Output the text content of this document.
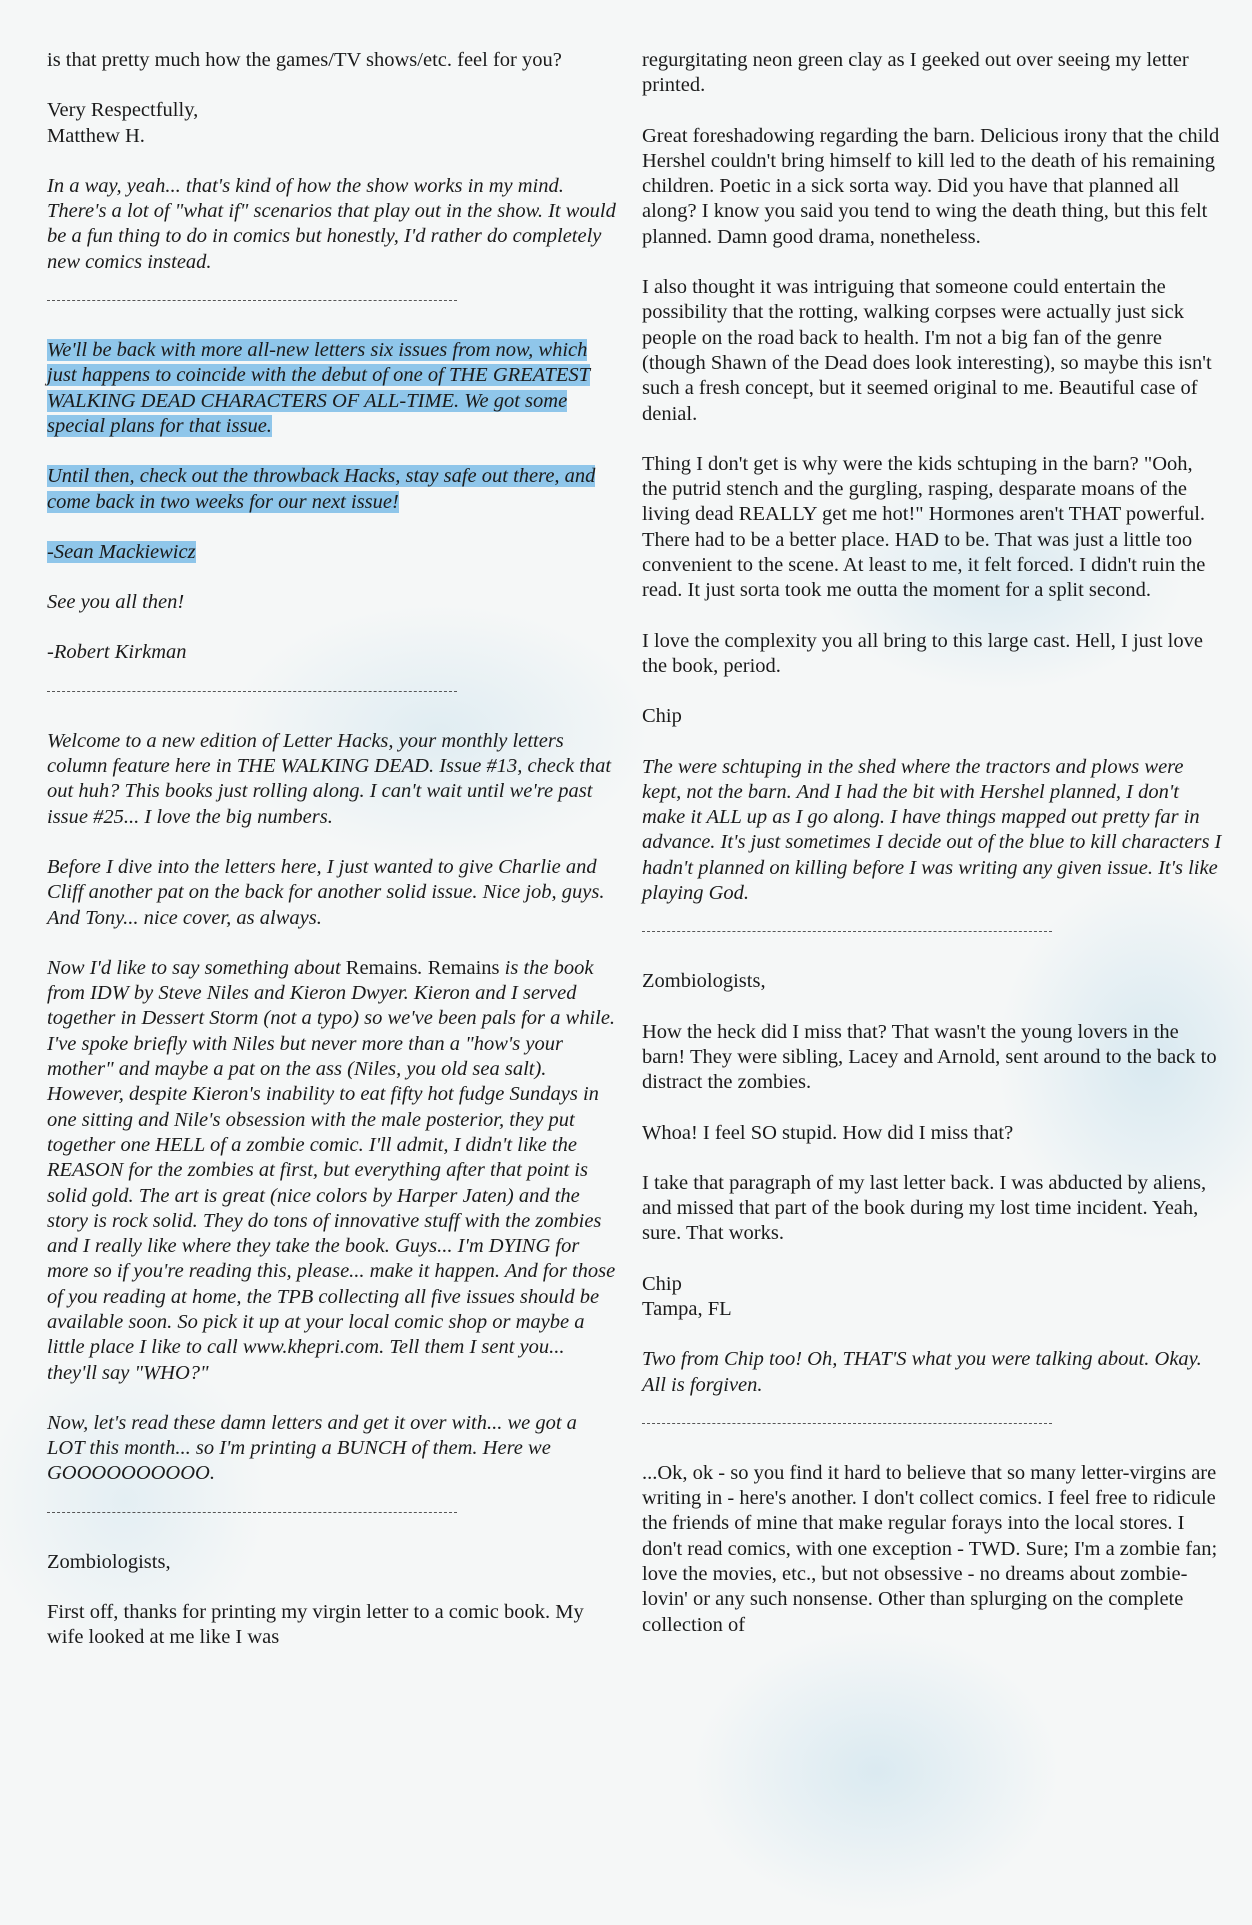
is that pretty much how the games/TV shows/etc. feel for you?

Very Respectfully,
Matthew H.

In a way, yeah... that's kind of how the show works in my mind. There's a lot of "what if" scenarios that play out in the show. It would be a fun thing to do in comics but honestly, I'd rather do completely new comics instead.

We'll be back with more all-new letters six issues from now, which just happens to coincide with the debut of one of THE GREATEST WALKING DEAD CHARACTERS OF ALL-TIME. We got some special plans for that issue.

Until then, check out the throwback Hacks, stay safe out there, and come back in two weeks for our next issue!

-Sean Mackiewicz

See you all then!

-Robert Kirkman

Welcome to a new edition of Letter Hacks, your monthly letters column feature here in THE WALKING DEAD. Issue #13, check that out huh? This books just rolling along. I can't wait until we're past issue #25... I love the big numbers.

Before I dive into the letters here, I just wanted to give Charlie and Cliff another pat on the back for another solid issue. Nice job, guys. And Tony... nice cover, as always.

Now I'd like to say something about Remains. Remains is the book from IDW by Steve Niles and Kieron Dwyer. Kieron and I served together in Dessert Storm (not a typo) so we've been pals for a while. I've spoke briefly with Niles but never more than a "how's your mother" and maybe a pat on the ass (Niles, you old sea salt). However, despite Kieron's inability to eat fifty hot fudge Sundays in one sitting and Nile's obsession with the male posterior, they put together one HELL of a zombie comic. I'll admit, I didn't like the REASON for the zombies at first, but everything after that point is solid gold. The art is great (nice colors by Harper Jaten) and the story is rock solid. They do tons of innovative stuff with the zombies and I really like where they take the book. Guys... I'm DYING for more so if you're reading this, please... make it happen. And for those of you reading at home, the TPB collecting all five issues should be available soon. So pick it up at your local comic shop or maybe a little place I like to call www.khepri.com. Tell them I sent you... they'll say "WHO?"

Now, let's read these damn letters and get it over with... we got a LOT this month... so I'm printing a BUNCH of them. Here we GOOOOOOOOOO.

Zombiologists,

First off, thanks for printing my virgin letter to a comic book. My wife looked at me like I was

regurgitating neon green clay as I geeked out over seeing my letter printed.

Great foreshadowing regarding the barn. Delicious irony that the child Hershel couldn't bring himself to kill led to the death of his remaining children. Poetic in a sick sorta way. Did you have that planned all along? I know you said you tend to wing the death thing, but this felt planned. Damn good drama, nonetheless.

I also thought it was intriguing that someone could entertain the possibility that the rotting, walking corpses were actually just sick people on the road back to health. I'm not a big fan of the genre (though Shawn of the Dead does look interesting), so maybe this isn't such a fresh concept, but it seemed original to me. Beautiful case of denial.

Thing I don't get is why were the kids schtuping in the barn? "Ooh, the putrid stench and the gurgling, rasping, desparate moans of the living dead REALLY get me hot!" Hormones aren't THAT powerful. There had to be a better place. HAD to be. That was just a little too convenient to the scene. At least to me, it felt forced. I didn't ruin the read. It just sorta took me outta the moment for a split second.

I love the complexity you all bring to this large cast. Hell, I just love the book, period.

Chip

The were schtuping in the shed where the tractors and plows were kept, not the barn. And I had the bit with Hershel planned, I don't make it ALL up as I go along. I have things mapped out pretty far in advance. It's just sometimes I decide out of the blue to kill characters I hadn't planned on killing before I was writing any given issue. It's like playing God.

Zombiologists,

How the heck did I miss that? That wasn't the young lovers in the barn! They were sibling, Lacey and Arnold, sent around to the back to distract the zombies.

Whoa! I feel SO stupid. How did I miss that?

I take that paragraph of my last letter back. I was abducted by aliens, and missed that part of the book during my lost time incident. Yeah, sure. That works.

Chip
Tampa, FL

Two from Chip too! Oh, THAT'S what you were talking about. Okay. All is forgiven.

...Ok, ok - so you find it hard to believe that so many letter-virgins are writing in - here's another. I don't collect comics. I feel free to ridicule the friends of mine that make regular forays into the local stores. I don't read comics, with one exception - TWD. Sure; I'm a zombie fan; love the movies, etc., but not obsessive - no dreams about zombie-lovin' or any such nonsense. Other than splurging on the complete collection of
